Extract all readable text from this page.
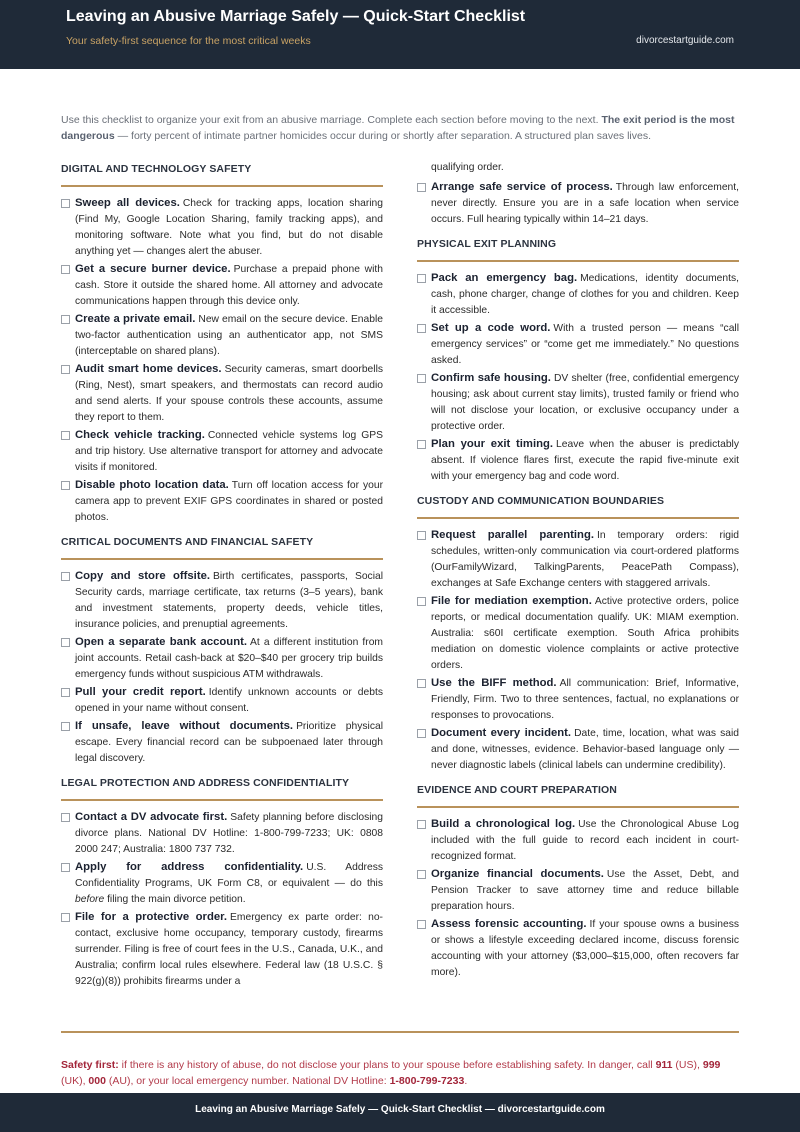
Leaving an Abusive Marriage Safely — Quick-Start Checklist
Your safety-first sequence for the most critical weeks	divorcestartguide.com
Use this checklist to organize your exit from an abusive marriage. Complete each section before moving to the next. The exit period is the most dangerous — forty percent of intimate partner homicides occur during or shortly after separation. A structured plan saves lives.
DIGITAL AND TECHNOLOGY SAFETY
Sweep all devices. Check for tracking apps, location sharing (Find My, Google Location Sharing, family tracking apps), and monitoring software. Note what you find, but do not disable anything yet — changes alert the abuser.
Get a secure burner device. Purchase a prepaid phone with cash. Store it outside the shared home. All attorney and advocate communications happen through this device only.
Create a private email. New email on the secure device. Enable two-factor authentication using an authenticator app, not SMS (interceptable on shared plans).
Audit smart home devices. Security cameras, smart doorbells (Ring, Nest), smart speakers, and thermostats can record audio and send alerts. If your spouse controls these accounts, assume they report to them.
Check vehicle tracking. Connected vehicle systems log GPS and trip history. Use alternative transport for attorney and advocate visits if monitored.
Disable photo location data. Turn off location access for your camera app to prevent EXIF GPS coordinates in shared or posted photos.
CRITICAL DOCUMENTS AND FINANCIAL SAFETY
Copy and store offsite. Birth certificates, passports, Social Security cards, marriage certificate, tax returns (3–5 years), bank and investment statements, property deeds, vehicle titles, insurance policies, and prenuptial agreements.
Open a separate bank account. At a different institution from joint accounts. Retail cash-back at $20–$40 per grocery trip builds emergency funds without suspicious ATM withdrawals.
Pull your credit report. Identify unknown accounts or debts opened in your name without consent.
If unsafe, leave without documents. Prioritize physical escape. Every financial record can be subpoenaed later through legal discovery.
LEGAL PROTECTION AND ADDRESS CONFIDENTIALITY
Contact a DV advocate first. Safety planning before disclosing divorce plans. National DV Hotline: 1-800-799-7233; UK: 0808 2000 247; Australia: 1800 737 732.
Apply for address confidentiality. U.S. Address Confidentiality Programs, UK Form C8, or equivalent — do this before filing the main divorce petition.
File for a protective order. Emergency ex parte order: no-contact, exclusive home occupancy, temporary custody, firearms surrender. Filing is free of court fees in the U.S., Canada, U.K., and Australia; confirm local rules elsewhere. Federal law (18 U.S.C. § 922(g)(8)) prohibits firearms under a
qualifying order.
Arrange safe service of process. Through law enforcement, never directly. Ensure you are in a safe location when service occurs. Full hearing typically within 14–21 days.
PHYSICAL EXIT PLANNING
Pack an emergency bag. Medications, identity documents, cash, phone charger, change of clothes for you and children. Keep it accessible.
Set up a code word. With a trusted person — means “call emergency services” or “come get me immediately.” No questions asked.
Confirm safe housing. DV shelter (free, confidential emergency housing; ask about current stay limits), trusted family or friend who will not disclose your location, or exclusive occupancy under a protective order.
Plan your exit timing. Leave when the abuser is predictably absent. If violence flares first, execute the rapid five-minute exit with your emergency bag and code word.
CUSTODY AND COMMUNICATION BOUNDARIES
Request parallel parenting. In temporary orders: rigid schedules, written-only communication via court-ordered platforms (OurFamilyWizard, TalkingParents, PeacePath Compass), exchanges at Safe Exchange centers with staggered arrivals.
File for mediation exemption. Active protective orders, police reports, or medical documentation qualify. UK: MIAM exemption. Australia: s60I certificate exemption. South Africa prohibits mediation on domestic violence complaints or active protective orders.
Use the BIFF method. All communication: Brief, Informative, Friendly, Firm. Two to three sentences, factual, no explanations or responses to provocations.
Document every incident. Date, time, location, what was said and done, witnesses, evidence. Behavior-based language only — never diagnostic labels (clinical labels can undermine credibility).
EVIDENCE AND COURT PREPARATION
Build a chronological log. Use the Chronological Abuse Log included with the full guide to record each incident in court-recognized format.
Organize financial documents. Use the Asset, Debt, and Pension Tracker to save attorney time and reduce billable preparation hours.
Assess forensic accounting. If your spouse owns a business or shows a lifestyle exceeding declared income, discuss forensic accounting with your attorney ($3,000–$15,000, often recovers far more).
Safety first: if there is any history of abuse, do not disclose your plans to your spouse before establishing safety. In danger, call 911 (US), 999 (UK), 000 (AU), or your local emergency number. National DV Hotline: 1-800-799-7233.
Leaving an Abusive Marriage Safely — Quick-Start Checklist — divorcestartguide.com
